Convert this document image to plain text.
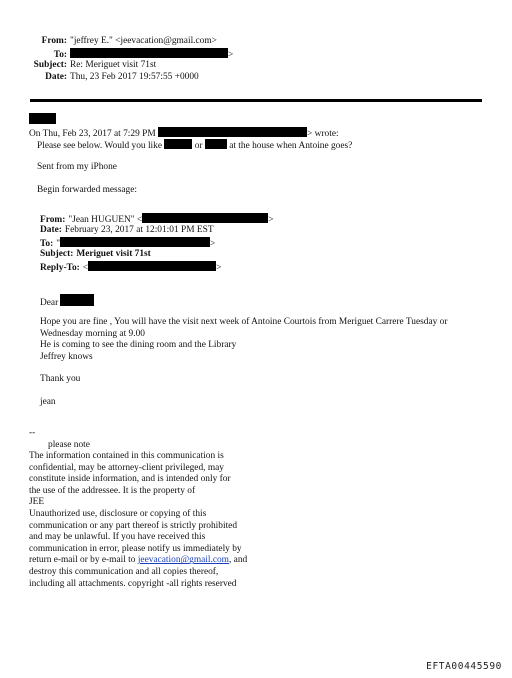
From: "jeffrey E." <jeevacation@gmail.com>
To:	>
Subject: Re: Meriguet visit 71st
Date: Thu, 23 Feb 2017 19:57:55 +0000
On Thu, Feb 23, 2017 at 7:29 PM	> wrote:
Please see below. Would you like	or	at the house when Antoine goes?
Sent from my iPhone
Begin forwarded message:
From: "Jean HUGUEN" <	>
Date: February 23, 2017 at 12:01:01 PM EST
To: "	>
Subject: Meriguet visit 71st
Reply-To: <	>
Dear
Hope you are fine , You will have the visit next week of Antoine Courtois from Meriguet Carrere Tuesday or
Wednesday morning at 9.00
He is coming to see the dining room and the Library
Jeffrey knows
Thank you
jean
--
please note
The information contained in this communication is
confidential, may be attorney-client privileged, may
constitute inside information, and is intended only for
the use of the addressee. It is the property of
JEE
Unauthorized use, disclosure or copying of this
communication or any part thereof is strictly prohibited
and may be unlawful. If you have received this
communication in error, please notify us immediately by
return e-mail or by e-mail to jeevacation@gmail.com, and
destroy this communication and all copies thereof,
including all attachments. copyright -all rights reserved
EFTA00445590
